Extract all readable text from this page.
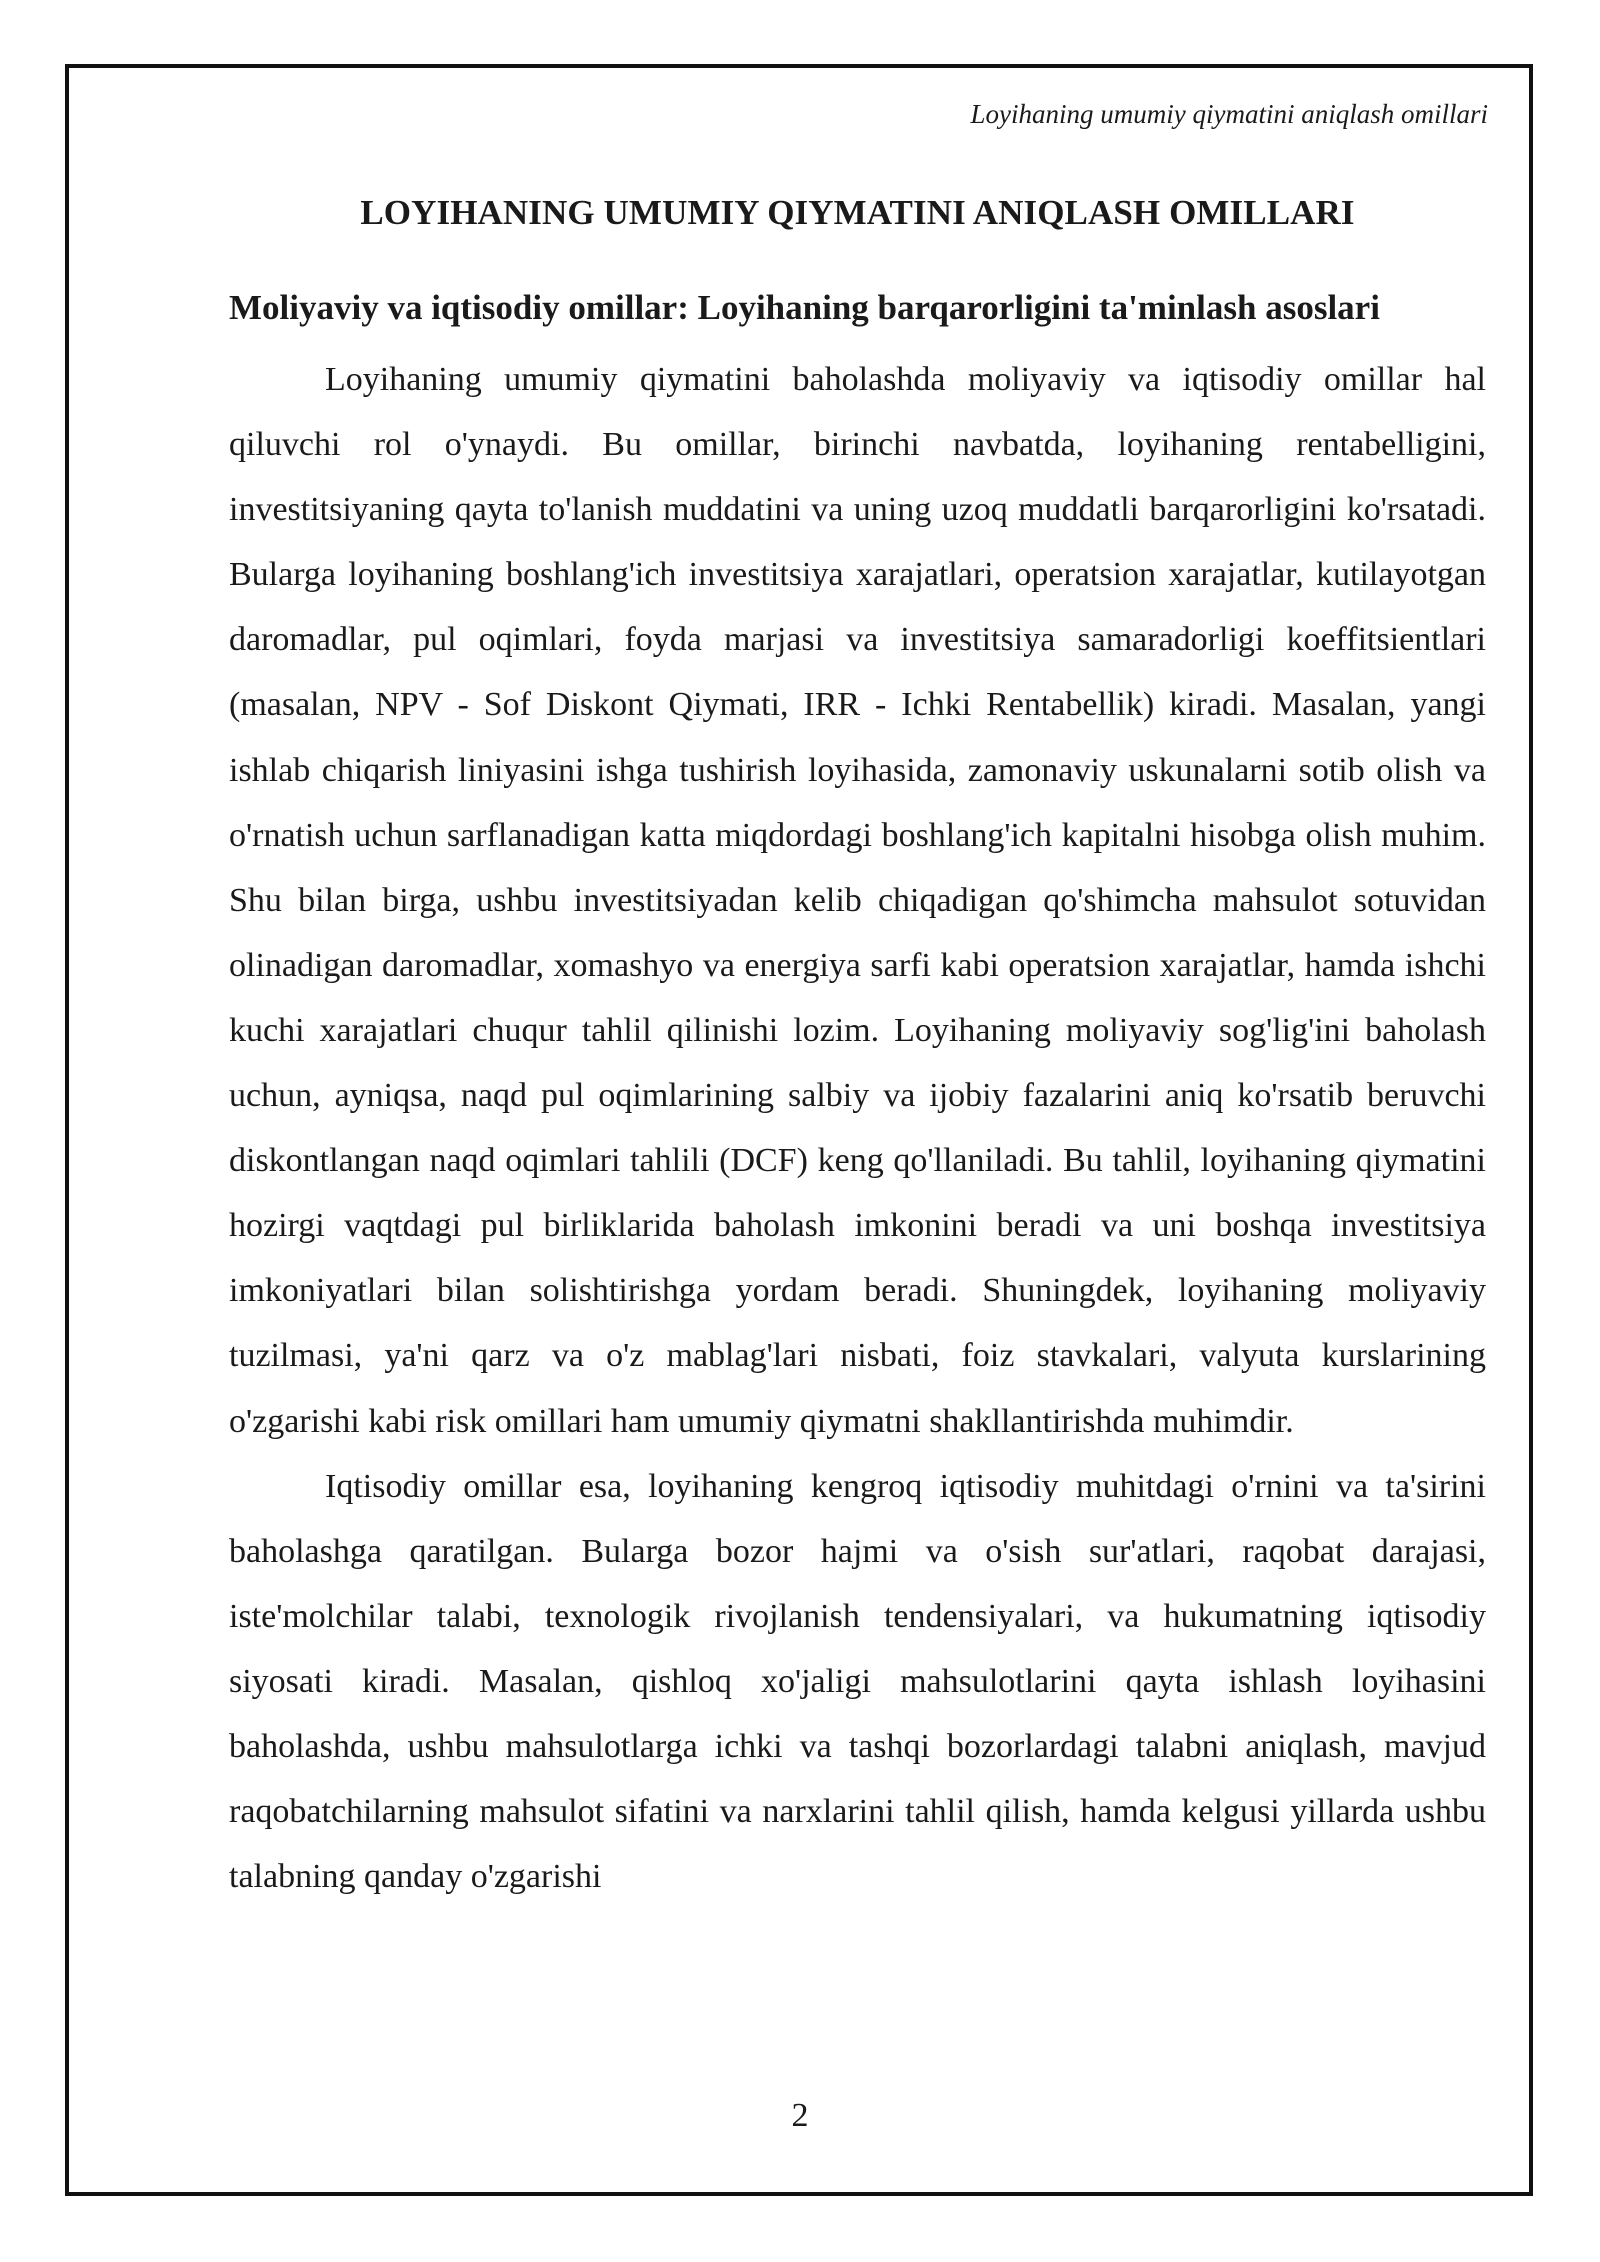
Loyihaning umumiy qiymatini aniqlash omillari
LOYIHANING UMUMIY QIYMATINI ANIQLASH OMILLARI
Moliyaviy va iqtisodiy omillar: Loyihaning barqarorligini ta'minlash asoslari

Loyihaning umumiy qiymatini baholashda moliyaviy va iqtisodiy omillar hal qiluvchi rol o'ynaydi. Bu omillar, birinchi navbatda, loyihaning rentabelligini, investitsiyaning qayta to'lanish muddatini va uning uzoq muddatli barqarorligini ko'rsatadi. Bularga loyihaning boshlang'ich investitsiya xarajatlari, operatsion xarajatlar, kutilayotgan daromadlar, pul oqimlari, foyda marjasi va investitsiya samaradorligi koeffitsientlari (masalan, NPV - Sof Diskont Qiymati, IRR - Ichki Rentabellik) kiradi. Masalan, yangi ishlab chiqarish liniyasini ishga tushirish loyihasida, zamonaviy uskunalarni sotib olish va o'rnatish uchun sarflanadigan katta miqdordagi boshlang'ich kapitalni hisobga olish muhim. Shu bilan birga, ushbu investitsiyadan kelib chiqadigan qo'shimcha mahsulot sotuvidan olinadigan daromadlar, xomashyo va energiya sarfi kabi operatsion xarajatlar, hamda ishchi kuchi xarajatlari chuqur tahlil qilinishi lozim. Loyihaning moliyaviy sog'lig'ini baholash uchun, ayniqsa, naqd pul oqimlarining salbiy va ijobiy fazalarini aniq ko'rsatib beruvchi diskontlangan naqd oqimlari tahlili (DCF) keng qo'llaniladi. Bu tahlil, loyihaning qiymatini hozirgi vaqtdagi pul birliklarida baholash imkonini beradi va uni boshqa investitsiya imkoniyatlari bilan solishtirishga yordam beradi. Shuningdek, loyihaning moliyaviy tuzilmasi, ya'ni qarz va o'z mablag'lari nisbati, foiz stavkalari, valyuta kurslarining o'zgarishi kabi risk omillari ham umumiy qiymatni shakllantirishda muhimdir.

Iqtisodiy omillar esa, loyihaning kengroq iqtisodiy muhitdagi o'rnini va ta'sirini baholashga qaratilgan. Bularga bozor hajmi va o'sish sur'atlari, raqobat darajasi, iste'molchilar talabi, texnologik rivojlanish tendensiyalari, va hukumatning iqtisodiy siyosati kiradi. Masalan, qishloq xo'jaligi mahsulotlarini qayta ishlash loyihasini baholashda, ushbu mahsulotlarga ichki va tashqi bozorlardagi talabni aniqlash, mavjud raqobatchilarning mahsulot sifatini va narxlarini tahlil qilish, hamda kelgusi yillarda ushbu talabning qanday o'zgarishi

2
